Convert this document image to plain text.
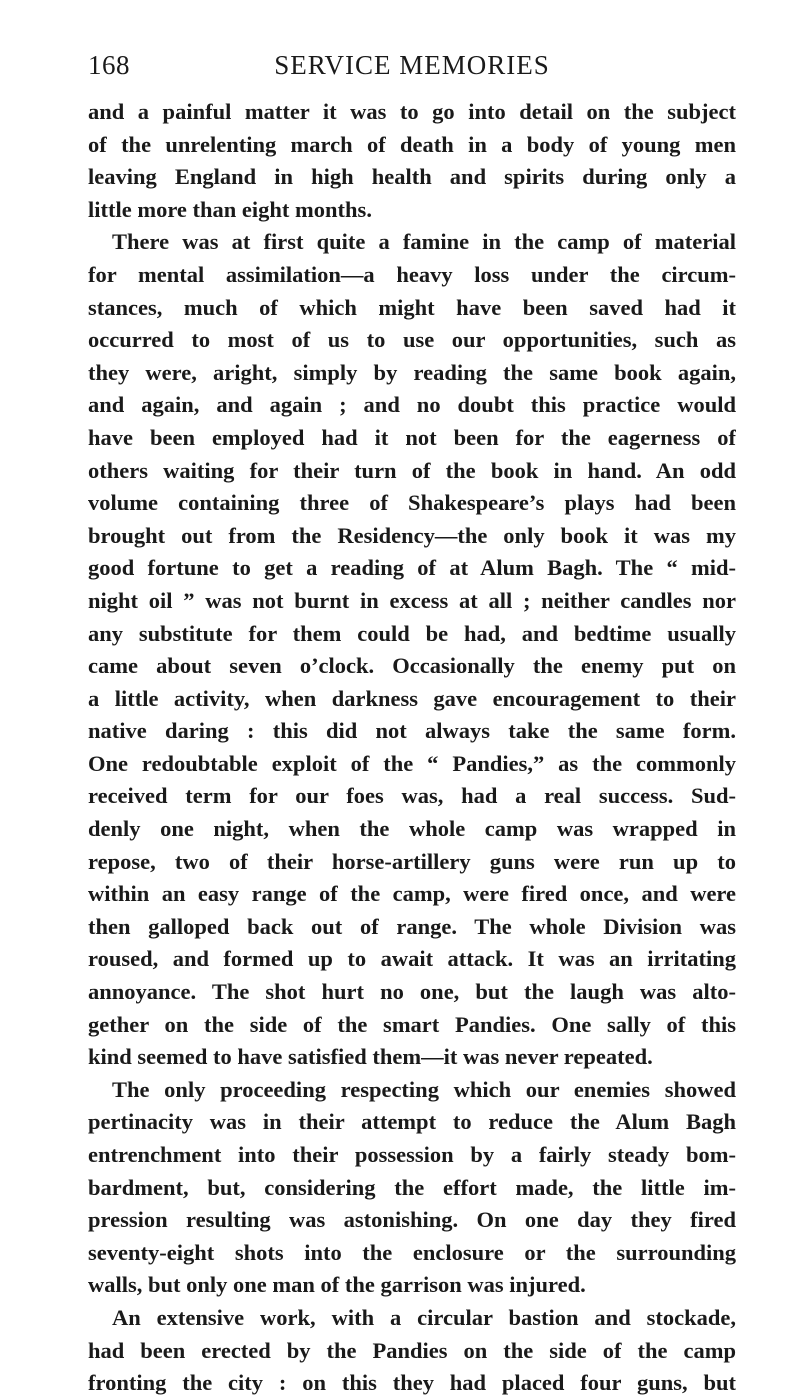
168	SERVICE MEMORIES
and a painful matter it was to go into detail on the subject
of the unrelenting march of death in a body of young men
leaving England in high health and spirits during only a
little more than eight months.
There was at first quite a famine in the camp of material
for mental assimilation—a heavy loss under the circum-
stances, much of which might have been saved had it
occurred to most of us to use our opportunities, such as
they were, aright, simply by reading the same book again,
and again, and again ; and no doubt this practice would
have been employed had it not been for the eagerness of
others waiting for their turn of the book in hand. An odd
volume containing three of Shakespeare’s plays had been
brought out from the Residency—the only book it was my
good fortune to get a reading of at Alum Bagh. The “ mid-
night oil ” was not burnt in excess at all ; neither candles nor
any substitute for them could be had, and bedtime usually
came about seven o’clock. Occasionally the enemy put on
a little activity, when darkness gave encouragement to their
native daring : this did not always take the same form.
One redoubtable exploit of the “ Pandies,” as the commonly
received term for our foes was, had a real success. Sud-
denly one night, when the whole camp was wrapped in
repose, two of their horse-artillery guns were run up to
within an easy range of the camp, were fired once, and were
then galloped back out of range. The whole Division was
roused, and formed up to await attack. It was an irritating
annoyance. The shot hurt no one, but the laugh was alto-
gether on the side of the smart Pandies. One sally of this
kind seemed to have satisfied them—it was never repeated.
The only proceeding respecting which our enemies showed
pertinacity was in their attempt to reduce the Alum Bagh
entrenchment into their possession by a fairly steady bom-
bardment, but, considering the effort made, the little im-
pression resulting was astonishing. On one day they fired
seventy-eight shots into the enclosure or the surrounding
walls, but only one man of the garrison was injured.
An extensive work, with a circular bastion and stockade,
had been erected by the Pandies on the side of the camp
fronting the city : on this they had placed four guns, but
